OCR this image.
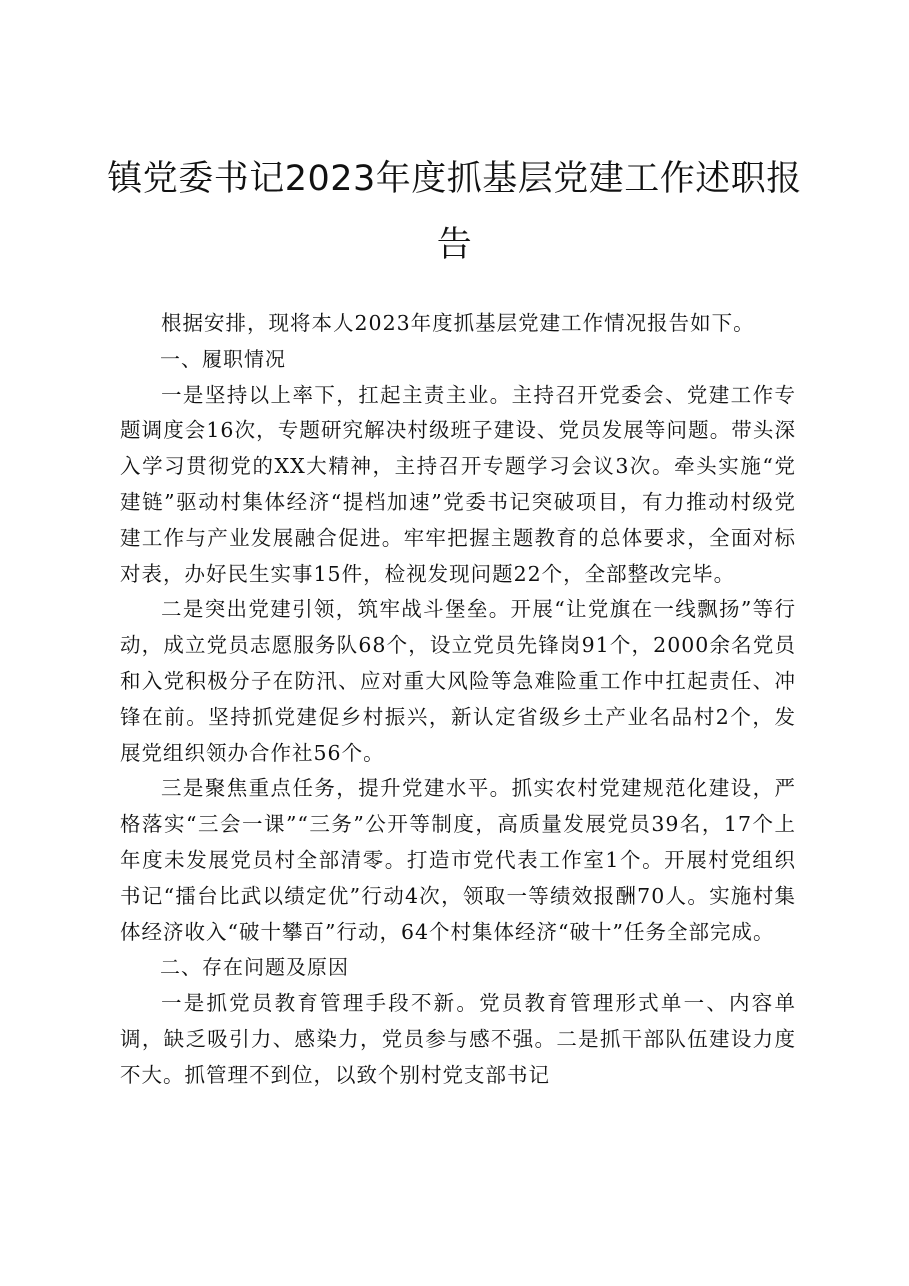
镇党委书记2023年度抓基层党建工作述职报告

根据安排，现将本人2023年度抓基层党建工作情况报告如下。

一、履职情况

一是坚持以上率下，扛起主责主业。主持召开党委会、党建工作专题调度会16次，专题研究解决村级班子建设、党员发展等问题。带头深入学习贯彻党的XX大精神，主持召开专题学习会议3次。牵头实施“党建链”驱动村集体经济“提档加速”党委书记突破项目，有力推动村级党建工作与产业发展融合促进。牢牢把握主题教育的总体要求，全面对标对表，办好民生实事15件，检视发现问题22个，全部整改完毕。

二是突出党建引领，筑牢战斗堡垒。开展“让党旗在一线飘扬”等行动，成立党员志愿服务队68个，设立党员先锋岗91个，2000余名党员和入党积极分子在防汛、应对重大风险等急难险重工作中扛起责任、冲锋在前。坚持抓党建促乡村振兴，新认定省级乡土产业名品村2个，发展党组织领办合作社56个。

三是聚焦重点任务，提升党建水平。抓实农村党建规范化建设，严格落实“三会一课”“三务”公开等制度，高质量发展党员39名，17个上年度未发展党员村全部清零。打造市党代表工作室1个。开展村党组织书记“擂台比武以绩定优”行动4次，领取一等绩效报酬70人。实施村集体经济收入“破十攀百”行动，64个村集体经济“破十”任务全部完成。

二、存在问题及原因

一是抓党员教育管理手段不新。党员教育管理形式单一、内容单调，缺乏吸引力、感染力，党员参与感不强。二是抓干部队伍建设力度不大。抓管理不到位，以致个别村党支部书记
